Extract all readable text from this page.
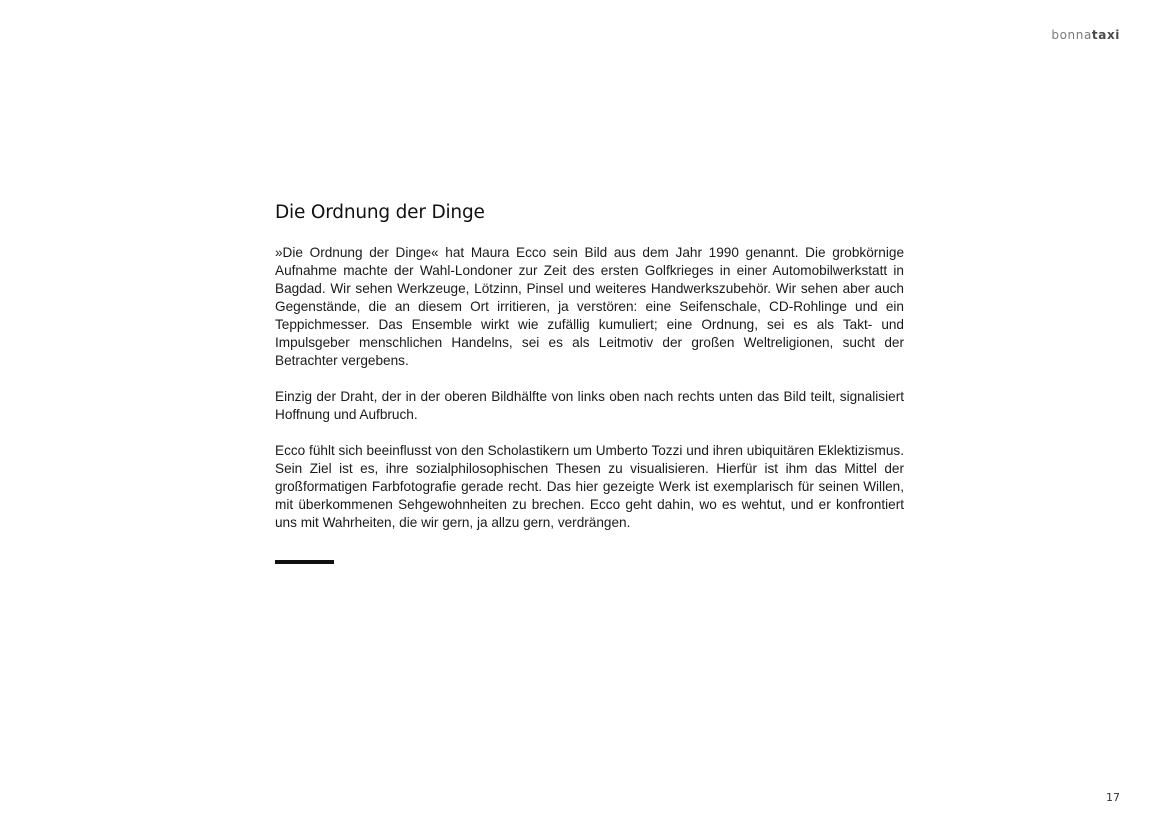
bonnataxi
Die Ordnung der Dinge

»Die Ordnung der Dinge« hat Maura Ecco sein Bild aus dem Jahr 1990 genannt. Die grobkörnige Aufnahme machte der Wahl-Londoner zur Zeit des ersten Golfkrieges in einer Automobilwerkstatt in Bagdad. Wir sehen Werkzeuge, Lötzinn, Pinsel und weiteres Handwerkszubehör. Wir sehen aber auch Gegenstände, die an diesem Ort irritieren, ja verstören: eine Seifenschale, CD-Rohlinge und ein Teppichmesser. Das Ensemble wirkt wie zufällig kumuliert; eine Ordnung, sei es als Takt- und Impulsgeber menschlichen Handelns, sei es als Leitmotiv der großen Weltreligionen, sucht der Betrachter vergebens.

Einzig der Draht, der in der oberen Bildhälfte von links oben nach rechts unten das Bild teilt, signalisiert Hoffnung und Aufbruch.

Ecco fühlt sich beeinflusst von den Scholastikern um Umberto Tozzi und ihren ubiquitären Eklektizismus. Sein Ziel ist es, ihre sozialphilosophischen Thesen zu visualisieren. Hierfür ist ihm das Mittel der großformatigen Farbfotografie gerade recht. Das hier gezeigte Werk ist exemplarisch für seinen Willen, mit überkommenen Sehgewohnheiten zu brechen. Ecco geht dahin, wo es wehtut, und er konfrontiert uns mit Wahrheiten, die wir gern, ja allzu gern, verdrängen.

17
